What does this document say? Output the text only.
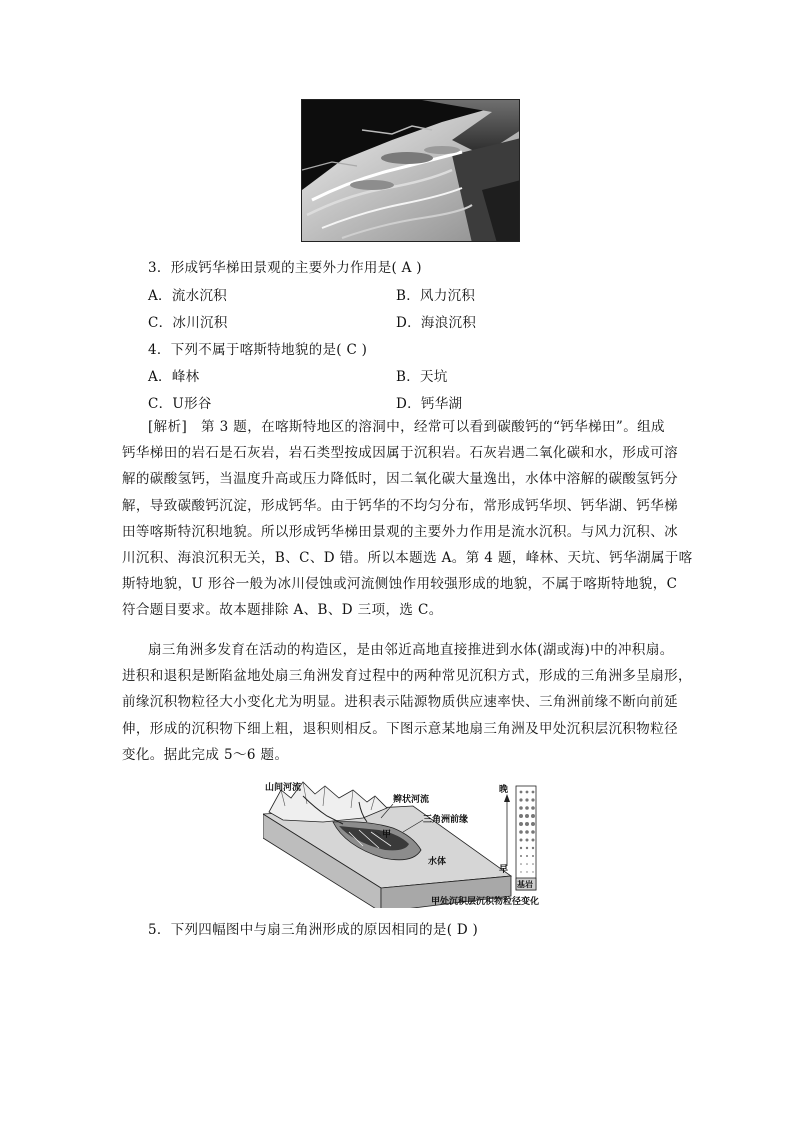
3．形成钙华梯田景观的主要外力作用是( A )
A．流水沉积	B．风力沉积
C．冰川沉积	D．海浪沉积
4．下列不属于喀斯特地貌的是( C )
A．峰林	B．天坑
C．U形谷	D．钙华湖
[解析]　第 3 题，在喀斯特地区的溶洞中，经常可以看到碳酸钙的“钙华梯田”。组成
钙华梯田的岩石是石灰岩，岩石类型按成因属于沉积岩。石灰岩遇二氧化碳和水，形成可溶
解的碳酸氢钙，当温度升高或压力降低时，因二氧化碳大量逸出，水体中溶解的碳酸氢钙分
解，导致碳酸钙沉淀，形成钙华。由于钙华的不均匀分布，常形成钙华坝、钙华湖、钙华梯
田等喀斯特沉积地貌。所以形成钙华梯田景观的主要外力作用是流水沉积。与风力沉积、冰
川沉积、海浪沉积无关，B、C、D 错。所以本题选 A。第 4 题，峰林、天坑、钙华湖属于喀
斯特地貌，U 形谷一般为冰川侵蚀或河流侧蚀作用较强形成的地貌，不属于喀斯特地貌，C
符合题目要求。故本题排除 A、B、D 三项，选 C。
扇三角洲多发育在活动的构造区，是由邻近高地直接推进到水体(湖或海)中的冲积扇。
进积和退积是断陷盆地处扇三角洲发育过程中的两种常见沉积方式，形成的三角洲多呈扇形，
前缘沉积物粒径大小变化尤为明显。进积表示陆源物质供应速率快、三角洲前缘不断向前延
伸，形成的沉积物下细上粗，退积则相反。下图示意某地扇三角洲及甲处沉积层沉积物粒径
变化。据此完成 5～6 题。
山间河流
辫状河流
三角洲前缘
甲
水体
晚
早
基岩
甲处沉积层沉积物粒径变化
5．下列四幅图中与扇三角洲形成的原因相同的是( D )
